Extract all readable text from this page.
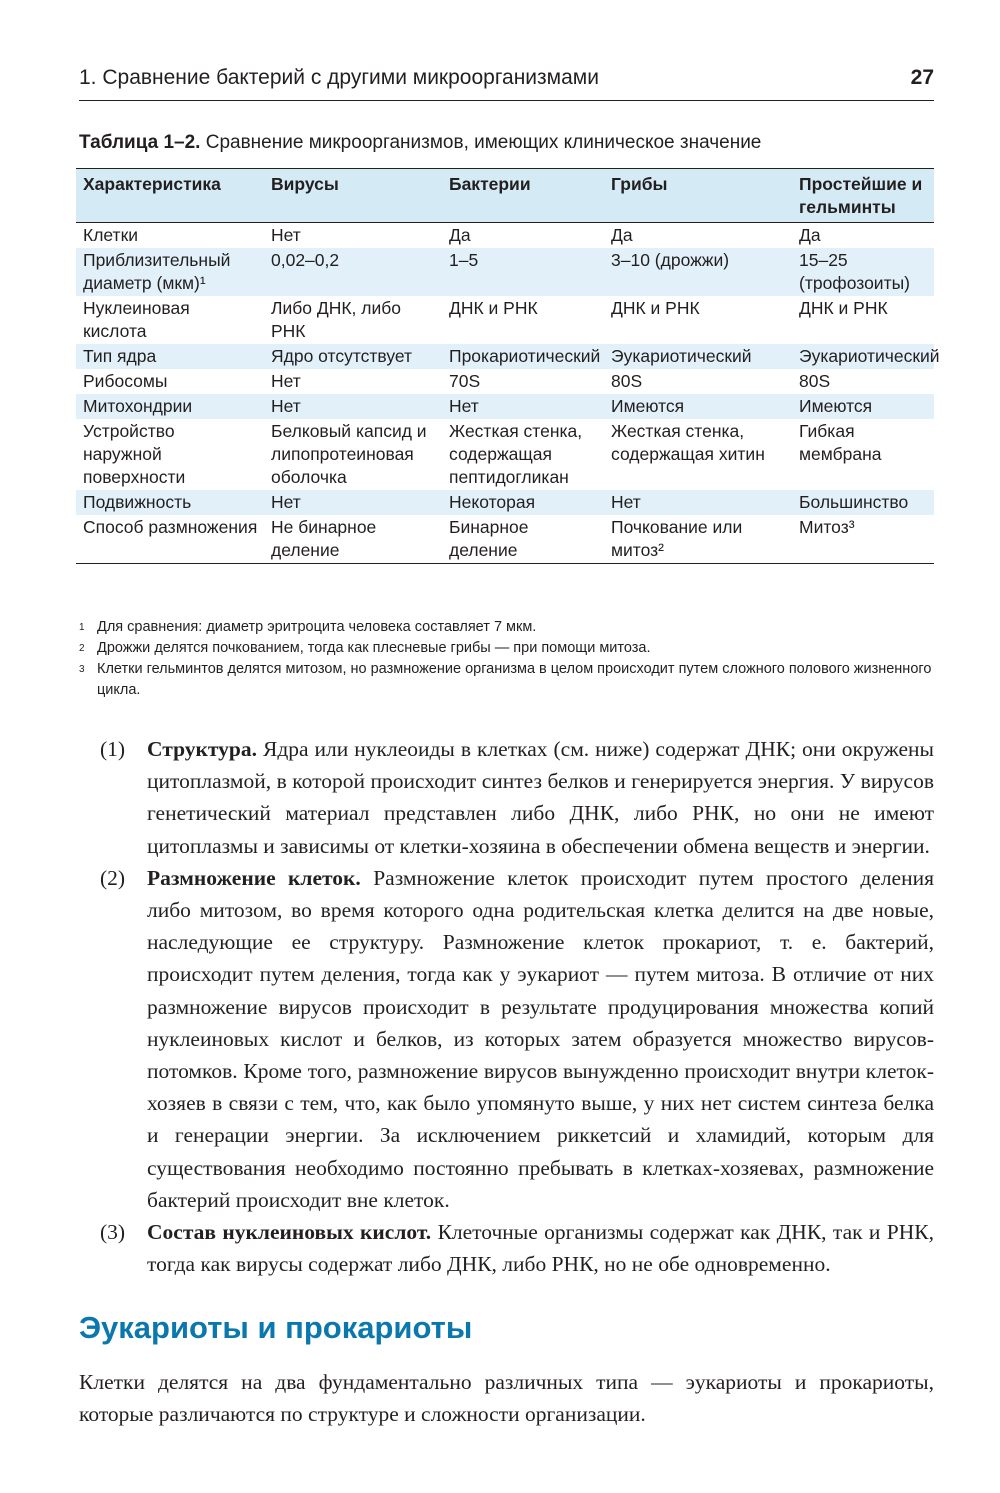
1. Сравнение бактерий с другими микроорганизмами	27
Таблица 1–2. Сравнение микроорганизмов, имеющих клиническое значение
Характеристика	Вирусы	Бактерии	Грибы	Простейшие и гельминты
Клетки	Нет	Да	Да	Да
Приблизительный диаметр (мкм)¹	0,02–0,2	1–5	3–10 (дрожжи)	15–25 (трофозоиты)
Нуклеиновая кислота	Либо ДНК, либо РНК	ДНК и РНК	ДНК и РНК	ДНК и РНК
Тип ядра	Ядро отсутствует	Прокариотический	Эукариотический	Эукариотический
Рибосомы	Нет	70S	80S	80S
Митохондрии	Нет	Нет	Имеются	Имеются
Устройство наружной поверхности	Белковый капсид и липопротеиновая оболочка	Жесткая стенка, содержащая пептидогликан	Жесткая стенка, содержащая хитин	Гибкая мембрана
Подвижность	Нет	Некоторая	Нет	Большинство
Способ размножения	Не бинарное деление	Бинарное деление	Почкование или митоз²	Митоз³
1 Для сравнения: диаметр эритроцита человека составляет 7 мкм.
2 Дрожжи делятся почкованием, тогда как плесневые грибы — при помощи митоза.
3 Клетки гельминтов делятся митозом, но размножение организма в целом происходит путем сложного полового жизненного цикла.
(1)	Структура. Ядра или нуклеоиды в клетках (см. ниже) содержат ДНК; они окружены цитоплазмой, в которой происходит синтез белков и генерируется энергия. У вирусов генетический материал представлен либо ДНК, либо РНК, но они не имеют цитоплазмы и зависимы от клетки-хозяина в обеспечении обмена веществ и энергии.
(2)	Размножение клеток. Размножение клеток происходит путем простого деления либо митозом, во время которого одна родительская клетка делится на две новые, наследующие ее структуру. Размножение клеток прокариот, т. е. бактерий, происходит путем деления, тогда как у эукариот — путем митоза. В отличие от них размножение вирусов происходит в результате продуцирования множества копий нуклеиновых кислот и белков, из которых затем образуется множество вирусов-потомков. Кроме того, размножение вирусов вынужденно происходит внутри клеток-хозяев в связи с тем, что, как было упомянуто выше, у них нет систем синтеза белка и генерации энергии. За исключением риккетсий и хламидий, которым для существования необходимо постоянно пребывать в клетках-хозяевах, размножение бактерий происходит вне клеток.
(3)	Состав нуклеиновых кислот. Клеточные организмы содержат как ДНК, так и РНК, тогда как вирусы содержат либо ДНК, либо РНК, но не обе одновременно.
Эукариоты и прокариоты
Клетки делятся на два фундаментально различных типа — эукариоты и прокариоты, которые различаются по структуре и сложности организации.
